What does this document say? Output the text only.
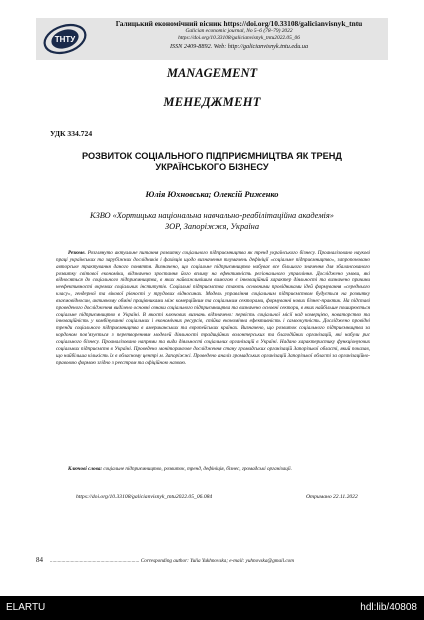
ТНТУ
Галицький економічний вісник https://doi.org/10.33108/galicianvisnyk_tntu
Galician economic journal, No 5–6 (78–79) 2022
https://doi.org/10.33108/galicianvisnyk_tntu2022.05_06
ISSN 2409-8892. Web: http://galicianvisnyk.tntu.edu.ua
MANAGEMENT
МЕНЕДЖМЕНТ
УДК 334.724
РОЗВИТОК СОЦІАЛЬНОГО ПІДПРИЄМНИЦТВА ЯК ТРЕНД
УКРАЇНСЬКОГО БІЗНЕСУ
Юлія Юхновська; Олексій Риженко
КЗВО «Хортицька національна навчально-реабілітаційна академія»
ЗОР, Запоріжжя, Україна

Резюме. Розглянуто актуальне питання розвитку соціального підприємництва як тренд українського бізнесу. Проаналізовано наукові праці українських та зарубіжних дослідників і фахівців щодо визначення тлумачень дефініції «соціальне підприємництво», запропоновано авторське трактування даного поняття. Визначено, що соціальне підприємництво набуває все більшого значення для збалансованого розвитку світової економіки, відзначено зростання його впливу на ефективність регіонального управління. Досліджено умови, які відносяться до соціального підприємництва, в яких найважливішим вимогою є інноваційний характер діяльності та визначено причини неефективності окремих соціальних інститутів. Соціальні підприємства стають основними провідниками ідей формування «середнього класу», гендерної та вікової рівності у трудових відносинах. Модель управління соціальним підприємством будується на розвитку взаємовідносин, активному обміні працівниками між комерційним та соціальним секторами, формуванні нових бізнес-практик. На підставі проведеного дослідження виділено основні ознаки соціального підприємництва та визначено основні сектори, в яких найбільше поширюється соціальне підприємництво в Україні. В якості ключових визнань відзначено: первість соціальної місії над комерцією, новаторство та інноваційність у комбінуванні соціальних і економічних ресурсів, стійка економічна ефективність і самоокупність. Досліджено провідні тренди соціального підприємництва в американських та європейських країнах. Визначено, що розвиток соціального підприємництва за кордоном пов’язується з перетворенням моделей діяльності традиційних волонтерських та благодійних організацій, які набули рис соціального бізнесу. Проаналізовано напрями та види діяльності соціальних організацій в Україні. Надано характеристику функціонуючих соціальних підприємств в Україні. Проведено моніторингове дослідження стану громадських організацій Запорізької області, який показав, що найбільша кількість їх в обласному центрі м. Запоріжжі. Проведено аналіз громадських організацій Запорізької області за організаційно-правовою формою згідно з реєстром та офіційною назвою.

Ключові слова: соціальне підприємництво, розвиток, тренд, дефініція, бізнес, громадські організації.

https://doi.org/10.33108/galicianvisnyk_tntu2022.05_06.084	Отримано 22.11.2022
84 ..................................................................... Corresponding author: Yulia Yukhnovska; e-mail: yuhnovska@gmail.com
ELARTU	hdl:lib/40808
